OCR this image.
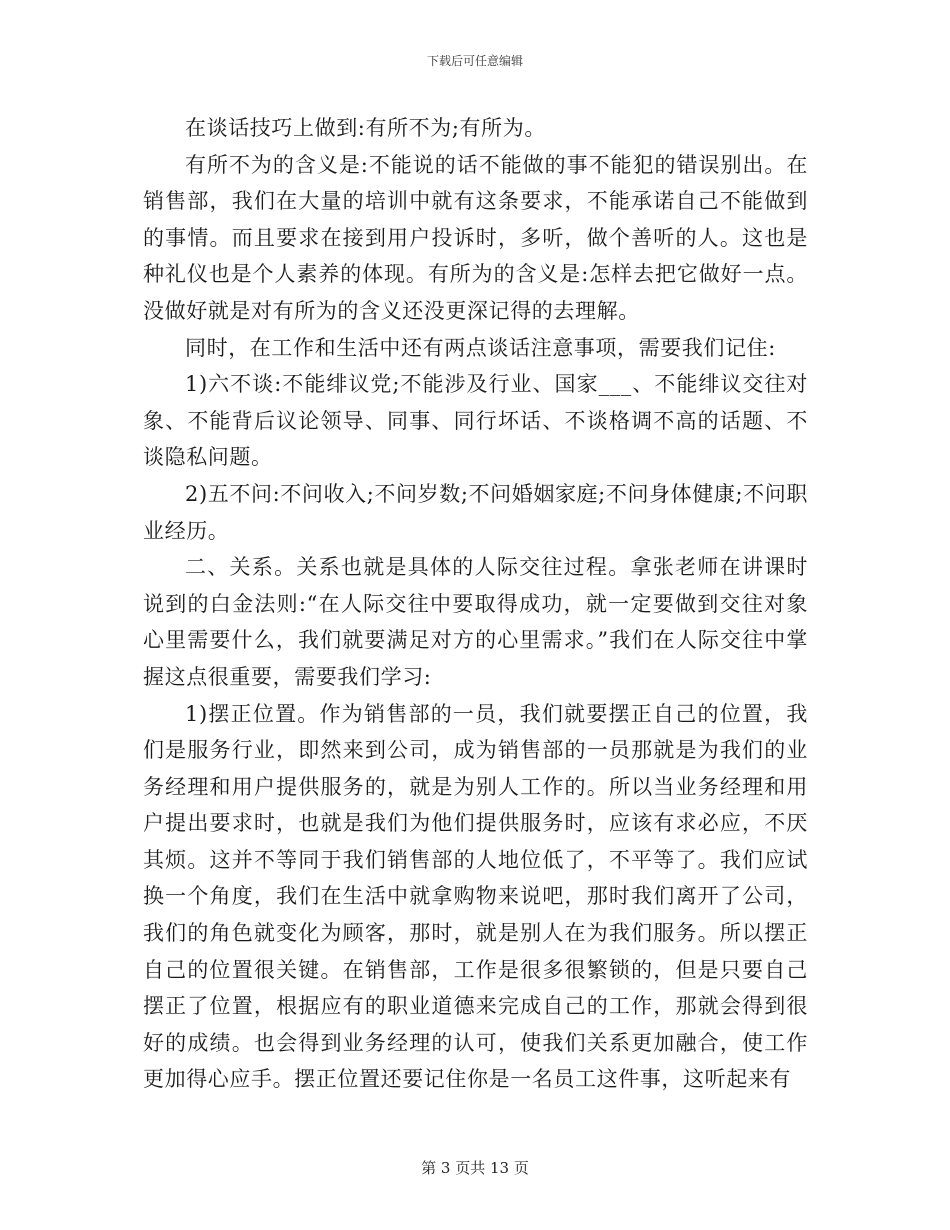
下载后可任意编辑

在谈话技巧上做到:有所不为;有所为。

有所不为的含义是:不能说的话不能做的事不能犯的错误别出。在销售部，我们在大量的培训中就有这条要求，不能承诺自己不能做到的事情。而且要求在接到用户投诉时，多听，做个善听的人。这也是种礼仪也是个人素养的体现。有所为的含义是:怎样去把它做好一点。没做好就是对有所为的含义还没更深记得的去理解。

同时，在工作和生活中还有两点谈话注意事项，需要我们记住:

1)六不谈:不能绯议党;不能涉及行业、国家___、不能绯议交往对象、不能背后议论领导、同事、同行坏话、不谈格调不高的话题、不谈隐私问题。

2)五不问:不问收入;不问岁数;不问婚姻家庭;不问身体健康;不问职业经历。

二、关系。关系也就是具体的人际交往过程。拿张老师在讲课时说到的白金法则:“在人际交往中要取得成功，就一定要做到交往对象心里需要什么，我们就要满足对方的心里需求。”我们在人际交往中掌握这点很重要，需要我们学习:

1)摆正位置。作为销售部的一员，我们就要摆正自己的位置，我们是服务行业，即然来到公司，成为销售部的一员那就是为我们的业务经理和用户提供服务的，就是为别人工作的。所以当业务经理和用户提出要求时，也就是我们为他们提供服务时，应该有求必应，不厌其烦。这并不等同于我们销售部的人地位低了，不平等了。我们应试换一个角度，我们在生活中就拿购物来说吧，那时我们离开了公司，我们的角色就变化为顾客，那时，就是别人在为我们服务。所以摆正自己的位置很关键。在销售部，工作是很多很繁锁的，但是只要自己摆正了位置，根据应有的职业道德来完成自己的工作，那就会得到很好的成绩。也会得到业务经理的认可，使我们关系更加融合，使工作更加得心应手。摆正位置还要记住你是一名员工这件事，这听起来有

第 3 页共 13 页
